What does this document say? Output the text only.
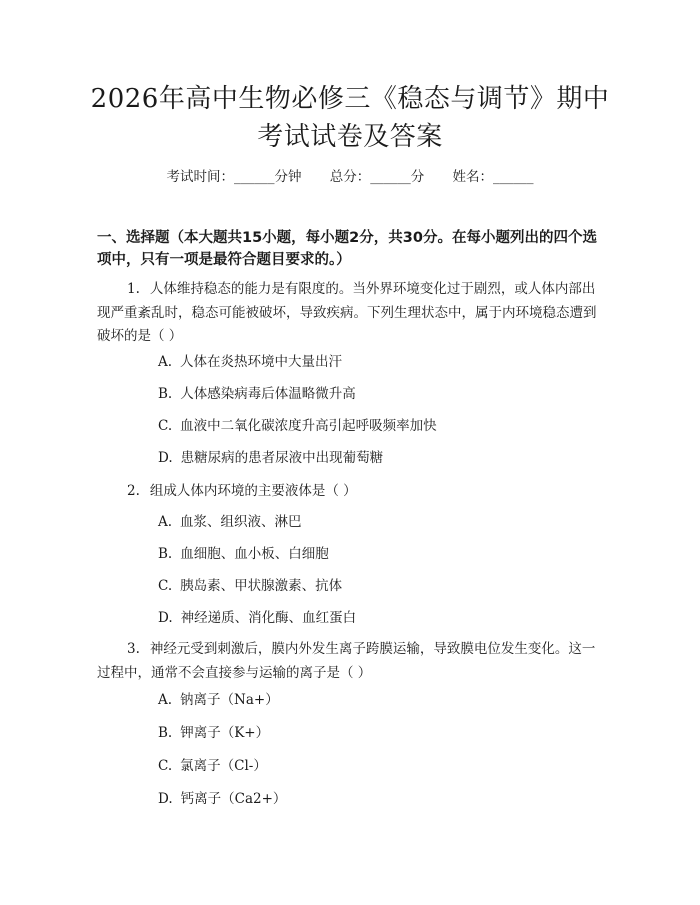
2026年高中生物必修三《稳态与调节》期中
考试试卷及答案
考试时间：______分钟 总分：______分 姓名：______

一、选择题（本大题共15小题，每小题2分，共30分。在每小题列出的四个选项中，只有一项是最符合题目要求的。）

1. 人体维持稳态的能力是有限度的。当外界环境变化过于剧烈，或人体内部出现严重紊乱时，稳态可能被破坏，导致疾病。下列生理状态中，属于内环境稳态遭到破坏的是（ ）

A. 人体在炎热环境中大量出汗

B. 人体感染病毒后体温略微升高

C. 血液中二氧化碳浓度升高引起呼吸频率加快

D. 患糖尿病的患者尿液中出现葡萄糖

2. 组成人体内环境的主要液体是（ ）

A. 血浆、组织液、淋巴

B. 血细胞、血小板、白细胞

C. 胰岛素、甲状腺激素、抗体

D. 神经递质、消化酶、血红蛋白

3. 神经元受到刺激后，膜内外发生离子跨膜运输，导致膜电位发生变化。这一过程中，通常不会直接参与运输的离子是（ ）

A. 钠离子（Na+）

B. 钾离子（K+）

C. 氯离子（Cl-）

D. 钙离子（Ca2+）
